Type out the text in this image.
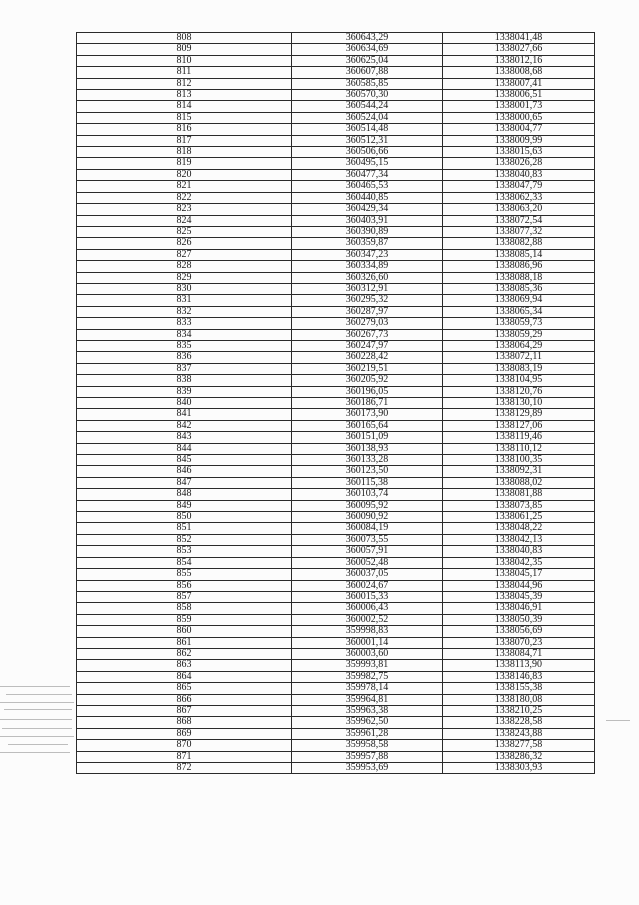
808	360643,29	1338041,48
809	360634,69	1338027,66
810	360625,04	1338012,16
811	360607,88	1338008,68
812	360585,85	1338007,41
813	360570,30	1338006,51
814	360544,24	1338001,73
815	360524,04	1338000,65
816	360514,48	1338004,77
817	360512,31	1338009,99
818	360506,66	1338015,63
819	360495,15	1338026,28
820	360477,34	1338040,83
821	360465,53	1338047,79
822	360440,85	1338062,33
823	360429,34	1338063,20
824	360403,91	1338072,54
825	360390,89	1338077,32
826	360359,87	1338082,88
827	360347,23	1338085,14
828	360334,89	1338086,96
829	360326,60	1338088,18
830	360312,91	1338085,36
831	360295,32	1338069,94
832	360287,97	1338065,34
833	360279,03	1338059,73
834	360267,73	1338059,29
835	360247,97	1338064,29
836	360228,42	1338072,11
837	360219,51	1338083,19
838	360205,92	1338104,95
839	360196,05	1338120,76
840	360186,71	1338130,10
841	360173,90	1338129,89
842	360165,64	1338127,06
843	360151,09	1338119,46
844	360138,93	1338110,12
845	360133,28	1338100,35
846	360123,50	1338092,31
847	360115,38	1338088,02
848	360103,74	1338081,88
849	360095,92	1338073,85
850	360090,92	1338061,25
851	360084,19	1338048,22
852	360073,55	1338042,13
853	360057,91	1338040,83
854	360052,48	1338042,35
855	360037,05	1338045,17
856	360024,67	1338044,96
857	360015,33	1338045,39
858	360006,43	1338046,91
859	360002,52	1338050,39
860	359998,83	1338056,69
861	360001,14	1338070,23
862	360003,60	1338084,71
863	359993,81	1338113,90
864	359982,75	1338146,83
865	359978,14	1338155,38
866	359964,81	1338180,08
867	359963,38	1338210,25
868	359962,50	1338228,58
869	359961,28	1338243,88
870	359958,58	1338277,58
871	359957,88	1338286,32
872	359953,69	1338303,93
